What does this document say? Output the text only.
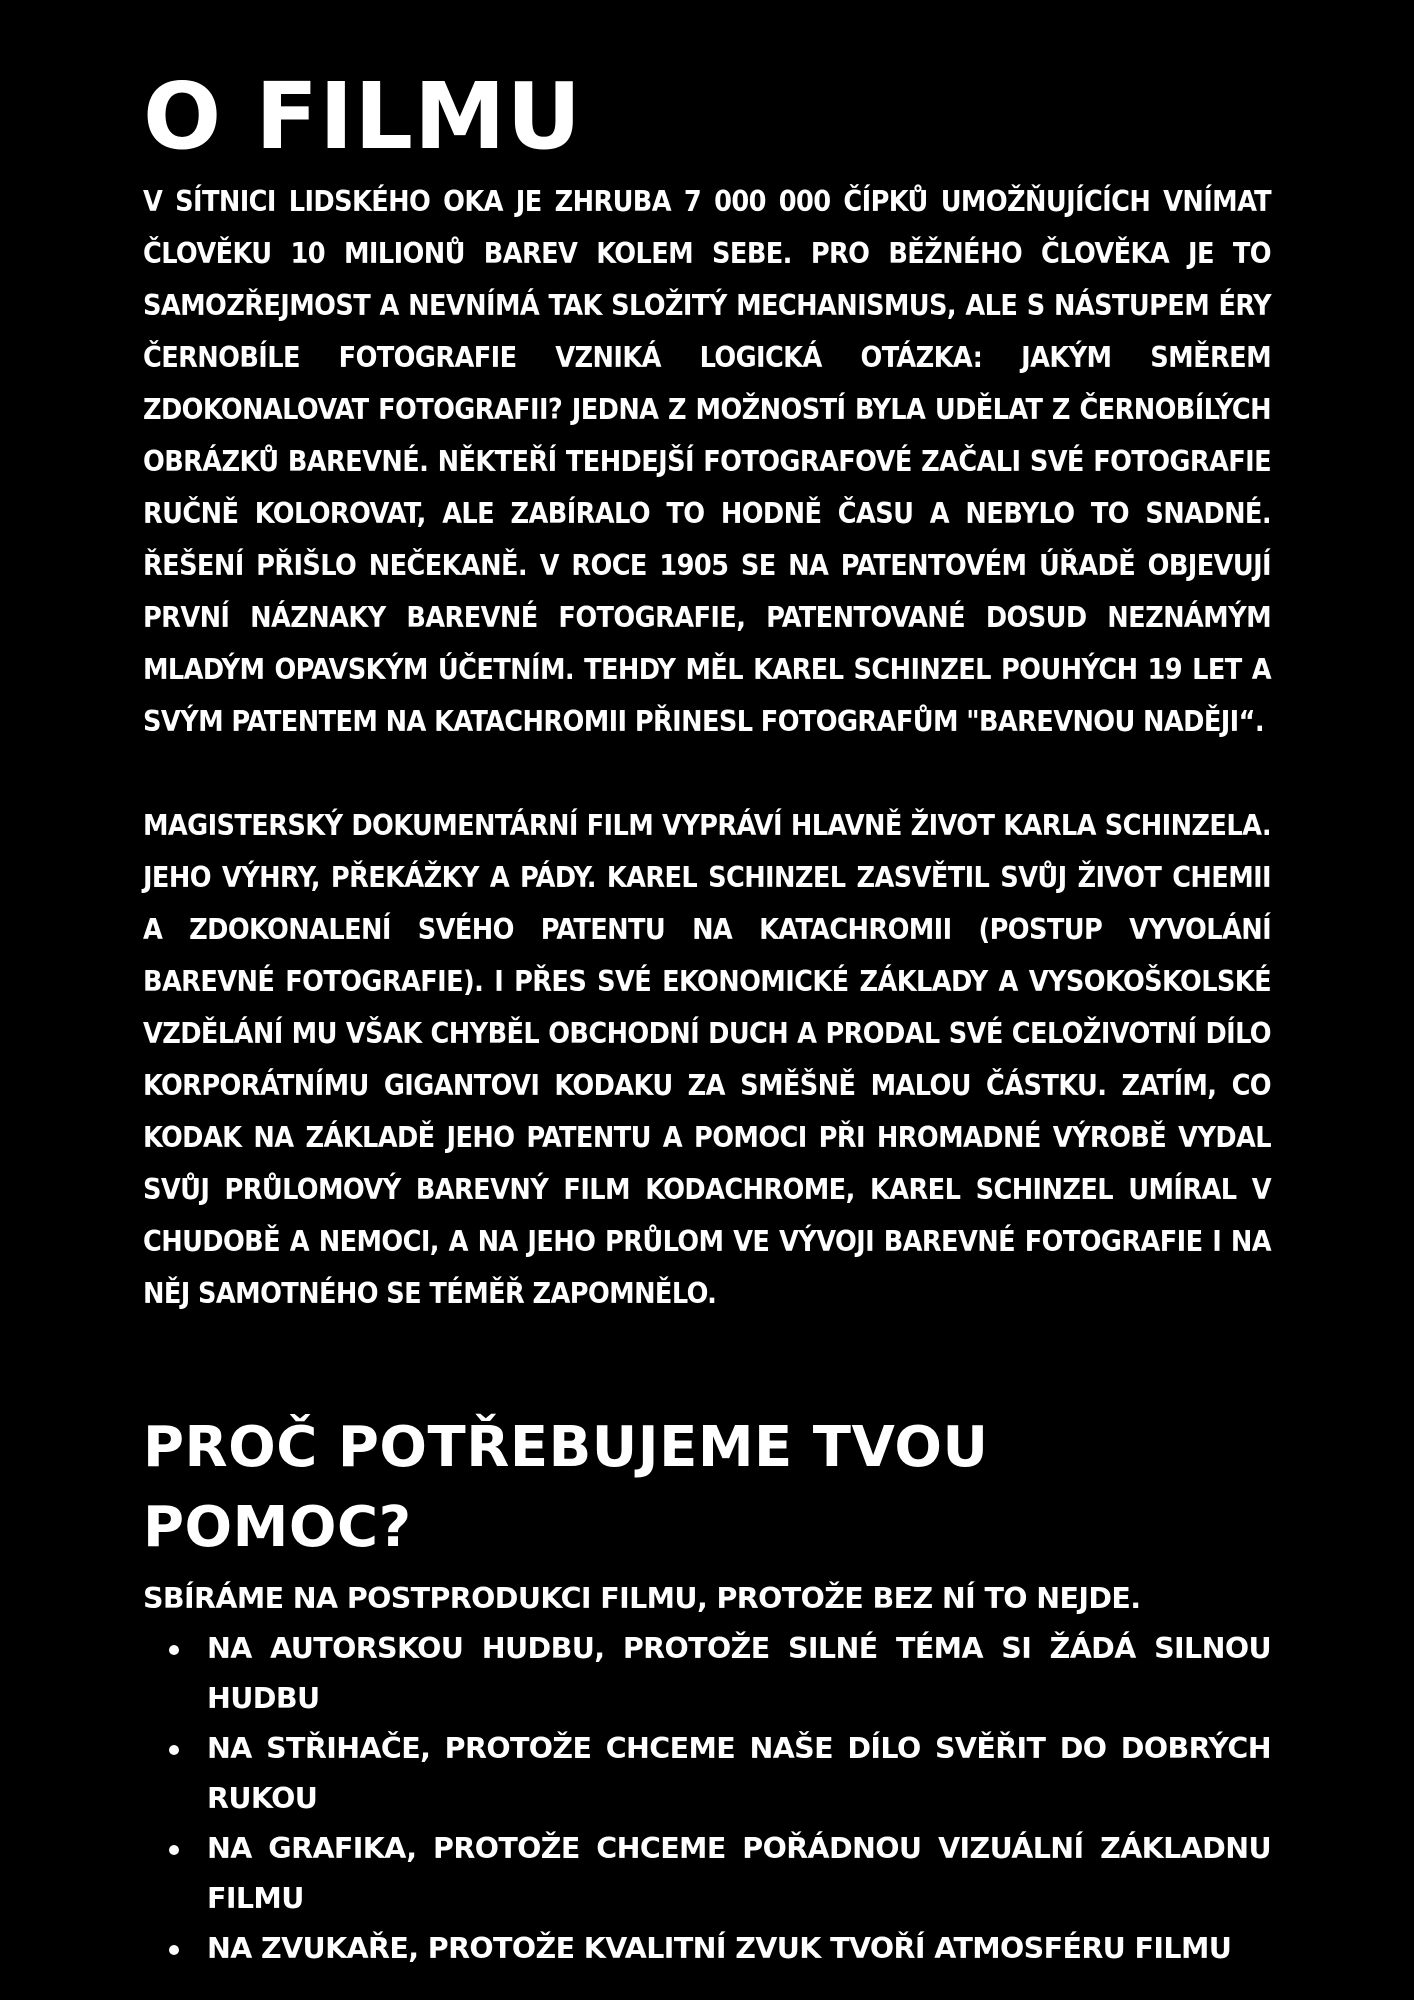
O FILMU

V SÍTNICI LIDSKÉHO OKA JE ZHRUBA 7 000 000 ČÍPKŮ UMOŽŇUJÍCÍCH VNÍMAT ČLOVĚKU 10 MILIONŮ BAREV KOLEM SEBE. PRO BĚŽNÉHO ČLOVĚKA JE TO SAMOZŘEJMOST A NEVNÍMÁ TAK SLOŽITÝ MECHANISMUS, ALE S NÁSTUPEM ÉRY ČERNOBÍLE FOTOGRAFIE VZNIKÁ LOGICKÁ OTÁZKA: JAKÝM SMĚREM ZDOKONALOVAT FOTOGRAFII? JEDNA Z MOŽNOSTÍ BYLA UDĚLAT Z ČERNOBÍLÝCH OBRÁZKŮ BAREVNÉ. NĚKTEŘÍ TEHDEJŠÍ FOTOGRAFOVÉ ZAČALI SVÉ FOTOGRAFIE RUČNĚ KOLOROVAT, ALE ZABÍRALO TO HODNĚ ČASU A NEBYLO TO SNADNÉ. ŘEŠENÍ PŘIŠLO NEČEKANĚ. V ROCE 1905 SE NA PATENTOVÉM ÚŘADĚ OBJEVUJÍ PRVNÍ NÁZNAKY BAREVNÉ FOTOGRAFIE, PATENTOVANÉ DOSUD NEZNÁMÝM MLADÝM OPAVSKÝM ÚČETNÍM. TEHDY MĚL KAREL SCHINZEL POUHÝCH 19 LET A SVÝM PATENTEM NA KATACHROMII PŘINESL FOTOGRAFŮM "BAREVNOU NADĚJI“.

MAGISTERSKÝ DOKUMENTÁRNÍ FILM VYPRÁVÍ HLAVNĚ ŽIVOT KARLA SCHINZELA. JEHO VÝHRY, PŘEKÁŽKY A PÁDY. KAREL SCHINZEL ZASVĚTIL SVŮJ ŽIVOT CHEMII A ZDOKONALENÍ SVÉHO PATENTU NA KATACHROMII (POSTUP VYVOLÁNÍ BAREVNÉ FOTOGRAFIE). I PŘES SVÉ EKONOMICKÉ ZÁKLADY A VYSOKOŠKOLSKÉ VZDĚLÁNÍ MU VŠAK CHYBĚL OBCHODNÍ DUCH A PRODAL SVÉ CELOŽIVOTNÍ DÍLO KORPORÁTNÍMU GIGANTOVI KODAKU ZA SMĚŠNĚ MALOU ČÁSTKU. ZATÍM, CO KODAK NA ZÁKLADĚ JEHO PATENTU A POMOCI PŘI HROMADNÉ VÝROBĚ VYDAL SVŮJ PRŮLOMOVÝ BAREVNÝ FILM KODACHROME, KAREL SCHINZEL UMÍRAL V CHUDOBĚ A NEMOCI, A NA JEHO PRŮLOM VE VÝVOJI BAREVNÉ FOTOGRAFIE I NA NĚJ SAMOTNÉHO SE TÉMĚŘ ZAPOMNĚLO.

PROČ POTŘEBUJEME TVOU POMOC?

SBÍRÁME NA POSTPRODUKCI FILMU, PROTOŽE BEZ NÍ TO NEJDE.

NA AUTORSKOU HUDBU, PROTOŽE SILNÉ TÉMA SI ŽÁDÁ SILNOU HUDBU
NA STŘIHAČE, PROTOŽE CHCEME NAŠE DÍLO SVĚŘIT DO DOBRÝCH RUKOU
NA GRAFIKA, PROTOŽE CHCEME POŘÁDNOU VIZUÁLNÍ ZÁKLADNU FILMU
NA ZVUKAŘE, PROTOŽE KVALITNÍ ZVUK TVOŘÍ ATMOSFÉRU FILMU
